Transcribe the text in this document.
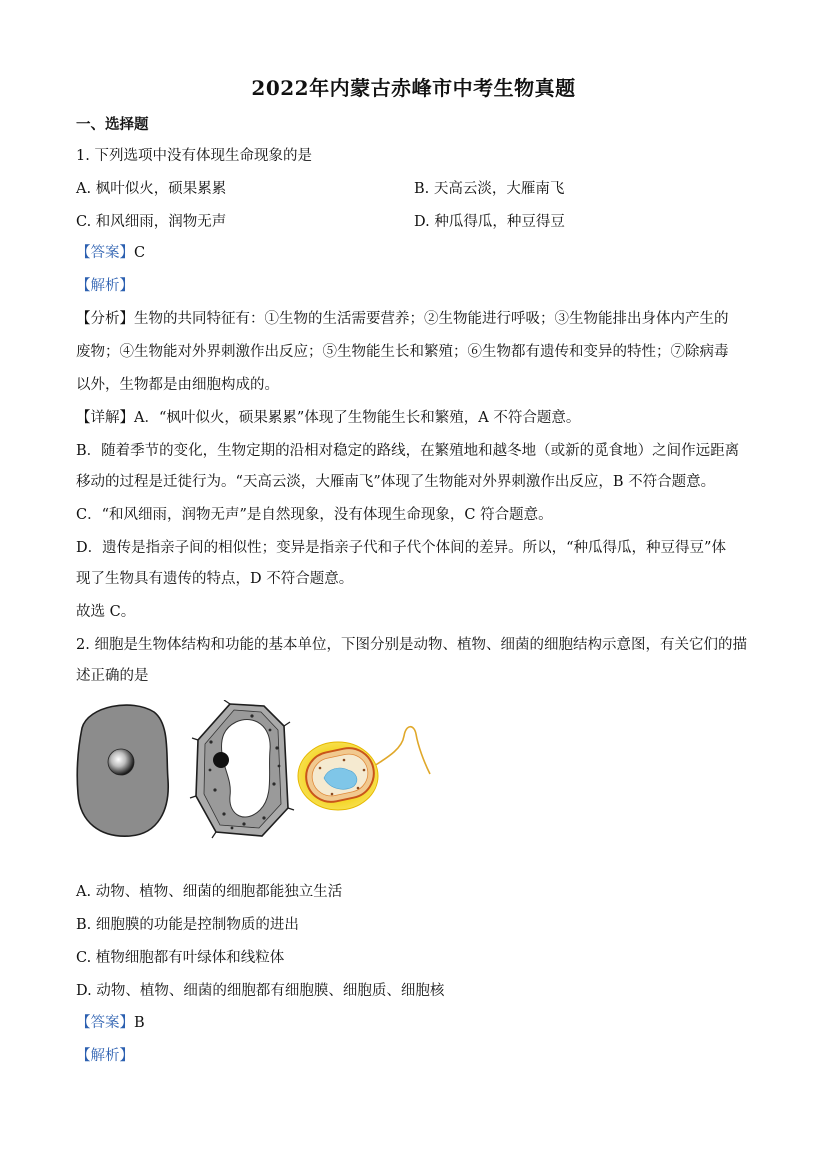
2022年内蒙古赤峰市中考生物真题
一、选择题
1. 下列选项中没有体现生命现象的是
A. 枫叶似火，硕果累累	B. 天高云淡，大雁南飞
C. 和风细雨，润物无声	D. 种瓜得瓜，种豆得豆
【答案】C
【解析】
【分析】生物的共同特征有：①生物的生活需要营养；②生物能进行呼吸；③生物能排出身体内产生的
废物；④生物能对外界刺激作出反应；⑤生物能生长和繁殖；⑥生物都有遗传和变异的特性；⑦除病毒
以外，生物都是由细胞构成的。
【详解】A．“枫叶似火，硕果累累”体现了生物能生长和繁殖，A 不符合题意。
B．随着季节的变化，生物定期的沿相对稳定的路线，在繁殖地和越冬地（或新的觅食地）之间作远距离
移动的过程是迁徙行为。“天高云淡，大雁南飞”体现了生物能对外界刺激作出反应，B 不符合题意。
C．“和风细雨，润物无声”是自然现象，没有体现生命现象，C 符合题意。
D．遗传是指亲子间的相似性；变异是指亲子代和子代个体间的差异。所以，“种瓜得瓜，种豆得豆”体
现了生物具有遗传的特点，D 不符合题意。
故选 C。
2. 细胞是生物体结构和功能的基本单位，下图分别是动物、植物、细菌的细胞结构示意图，有关它们的描
述正确的是
A. 动物、植物、细菌的细胞都能独立生活
B. 细胞膜的功能是控制物质的进出
C. 植物细胞都有叶绿体和线粒体
D. 动物、植物、细菌的细胞都有细胞膜、细胞质、细胞核
【答案】B
【解析】
